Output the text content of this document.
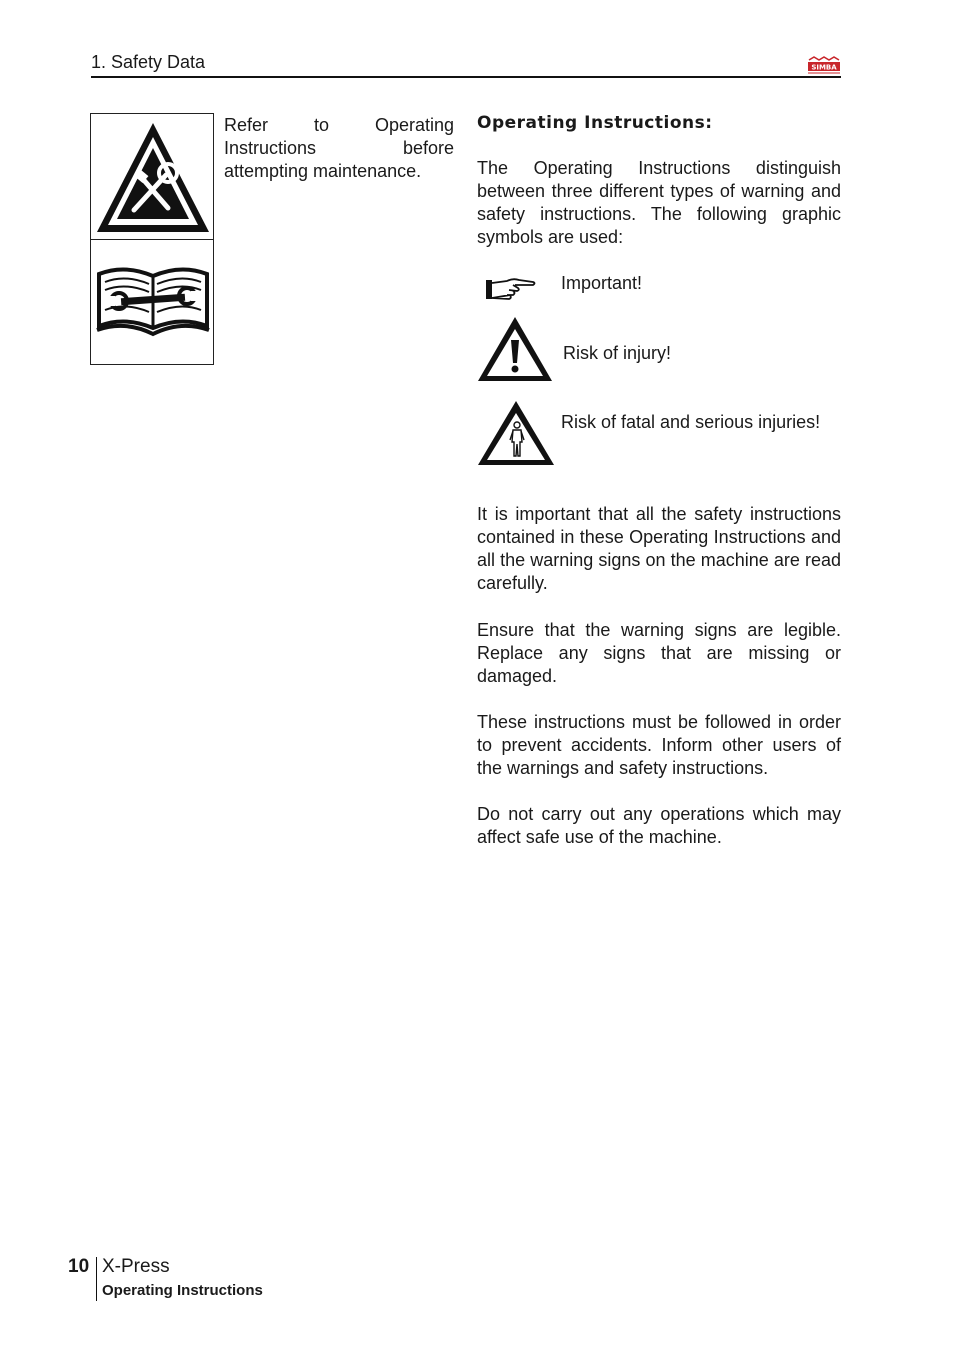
1. Safety Data	SIMBA
Refer to Operating Instructions before attempting maintenance.
Operating Instructions:
The Operating Instructions distinguish between three different types of warning and safety instructions. The following graphic symbols are used:
Important!
Risk of injury!
Risk of fatal and serious injuries!
It is important that all the safety instructions contained in these Operating Instructions and all the warning signs on the machine are read carefully.
Ensure that the warning signs are legible. Replace any signs that are missing or damaged.
These instructions must be followed in order to prevent accidents. Inform other users of the warnings and safety instructions.
Do not carry out any operations which may affect safe use of the machine.
10 X-Press
Operating Instructions
